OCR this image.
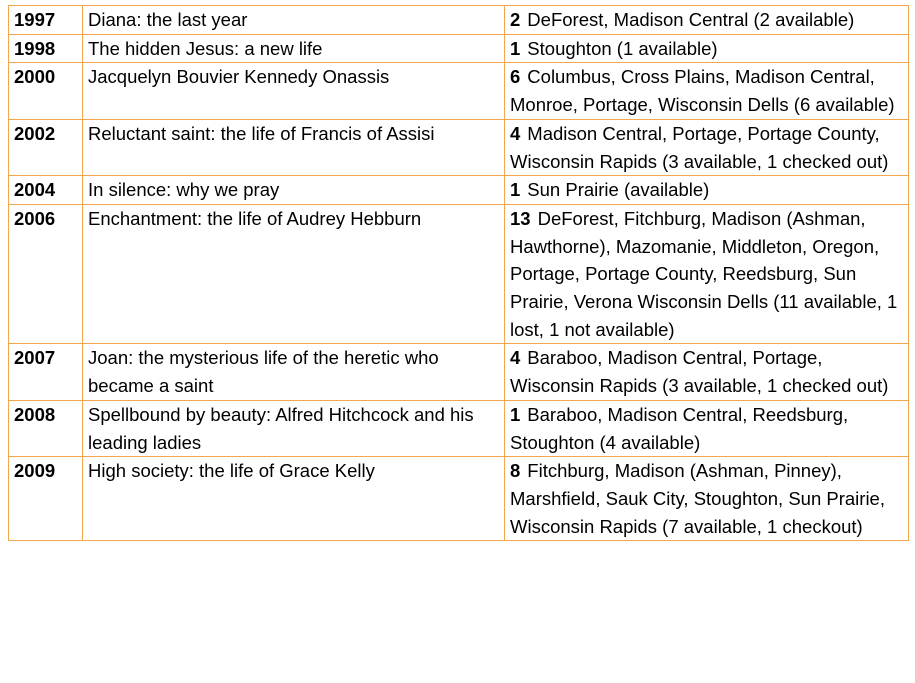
1997	Diana: the last year	2 DeForest, Madison Central (2 available)
1998	The hidden Jesus: a new life	1 Stoughton (1 available)
2000	Jacquelyn Bouvier Kennedy Onassis	6 Columbus, Cross Plains, Madison Central, Monroe, Portage, Wisconsin Dells (6 available)
2002	Reluctant saint: the life of Francis of Assisi	4 Madison Central, Portage, Portage County, Wisconsin Rapids (3 available, 1 checked out)
2004	In silence: why we pray	1 Sun Prairie (available)
2006	Enchantment: the life of Audrey Hebburn	13 DeForest, Fitchburg, Madison (Ashman, Hawthorne), Mazomanie, Middleton, Oregon, Portage, Portage County, Reedsburg, Sun Prairie, Verona Wisconsin Dells (11 available, 1 lost, 1 not available)
2007	Joan: the mysterious life of the heretic who became a saint	4 Baraboo, Madison Central, Portage, Wisconsin Rapids (3 available, 1 checked out)
2008	Spellbound by beauty: Alfred Hitchcock and his leading ladies	1 Baraboo, Madison Central, Reedsburg, Stoughton (4 available)
2009	High society: the life of Grace Kelly	8 Fitchburg, Madison (Ashman, Pinney), Marshfield, Sauk City, Stoughton, Sun Prairie, Wisconsin Rapids (7 available, 1 checkout)
